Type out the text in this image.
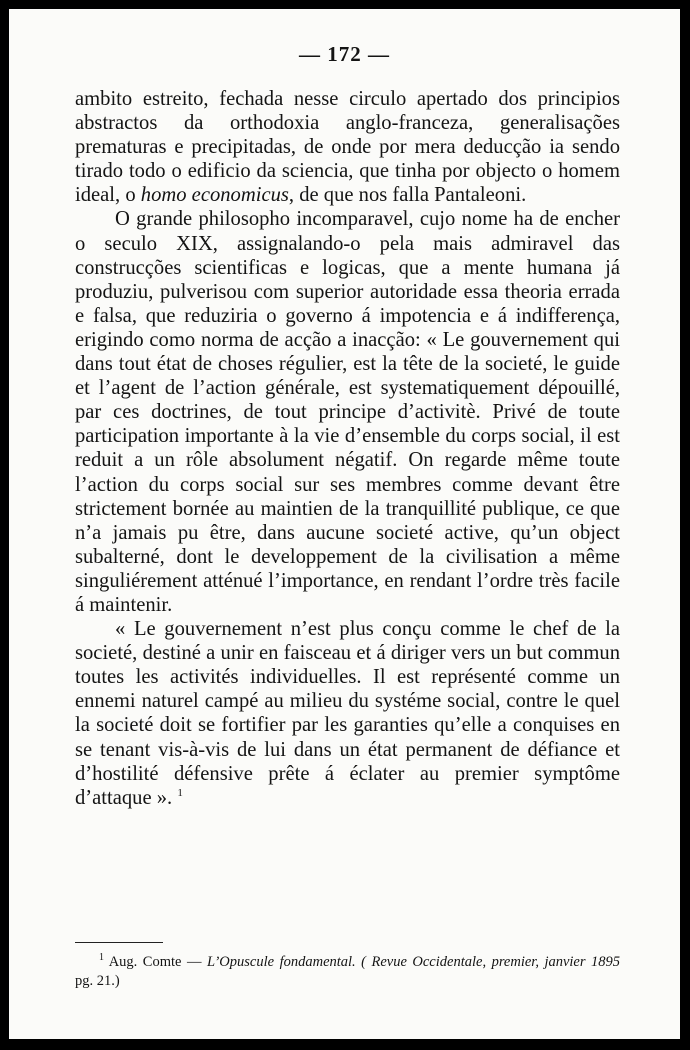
— 172 —

ambito estreito, fechada nesse circulo apertado dos principios abstractos da orthodoxia anglo-franceza, generalisações prematuras e precipitadas, de onde por mera deducção ia sendo tirado todo o edificio da sciencia, que tinha por objecto o homem ideal, o homo economicus, de que nos falla Pantaleoni.

O grande philosopho incomparavel, cujo nome ha de encher o seculo XIX, assignalando-o pela mais admiravel das construcções scientificas e logicas, que a mente humana já produziu, pulverisou com superior autoridade essa theoria errada e falsa, que reduziria o governo á impotencia e á indifferença, erigindo como norma de acção a inacção: « Le gouvernement qui dans tout état de choses régulier, est la tête de la societé, le guide et l’agent de l’action générale, est systematiquement dépouillé, par ces doctrines, de tout principe d’activitè. Privé de toute participation importante à la vie d’ensemble du corps social, il est reduit a un rôle absolument négatif. On regarde même toute l’action du corps social sur ses membres comme devant être strictement bornée au maintien de la tranquillité publique, ce que n’a jamais pu être, dans aucune societé active, qu’un object subalterné, dont le developpement de la civilisation a même singuliérement atténué l’importance, en rendant l’ordre très facile á maintenir.

« Le gouvernement n’est plus conçu comme le chef de la societé, destiné a unir en faisceau et á diriger vers un but commun toutes les activités individuelles. Il est représenté comme un ennemi naturel campé au milieu du systéme social, contre le quel la societé doit se fortifier par les garanties qu’elle a conquises en se tenant vis-à-vis de lui dans un état permanent de défiance et d’hostilité défensive prête á éclater au premier symptôme d’attaque ». $^1$

$^1$ Aug. Comte — L’Opuscule fondamental. ( Revue Occidentale, premier, janvier 1895 pg. 21.)
